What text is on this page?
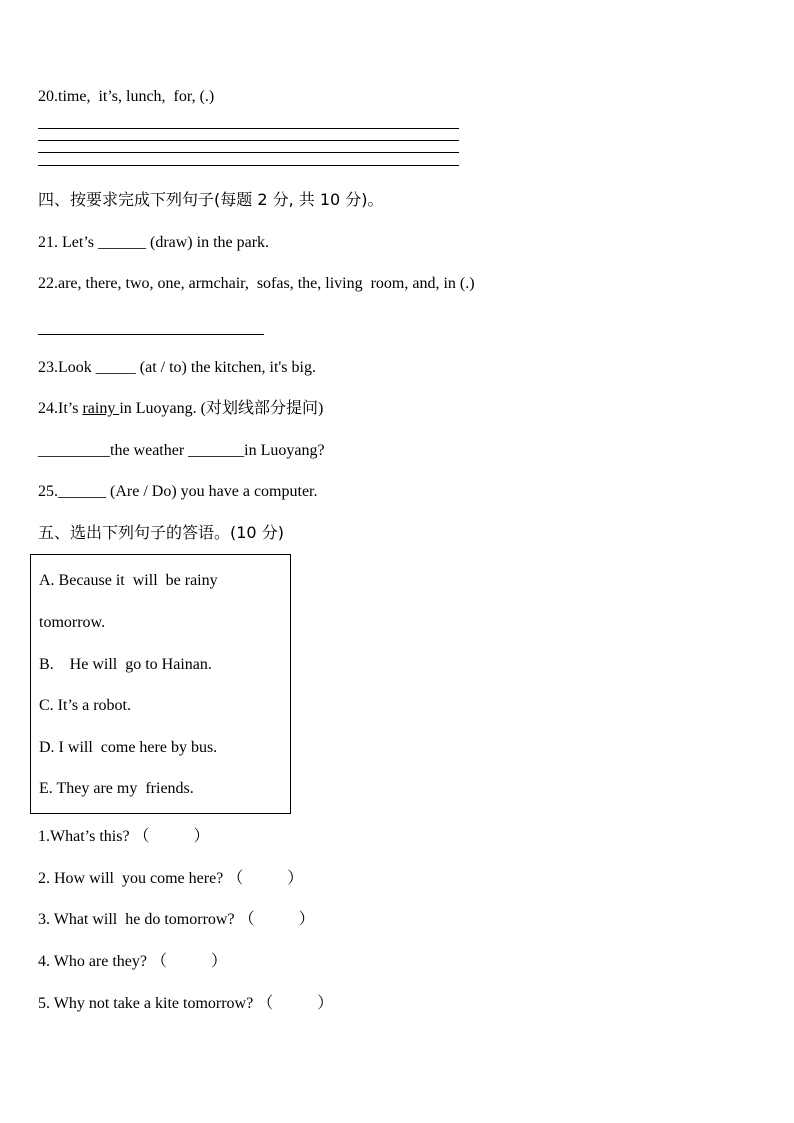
20.time,  it’s, lunch,  for, (.)
四、按要求完成下列句子(每题 2 分, 共 10 分)。
21. Let’s ______ (draw) in the park.
22.are, there, two, one, armchair,  sofas, the, living  room, and, in (.)
23.Look _____ (at / to) the kitchen, it's big.
24.It’s rainy in Luoyang. (对划线部分提问)
_________the weather _______in Luoyang?
25.______ (Are / Do) you have a computer.
五、选出下列句子的答语。(10 分)
A. Because it  will  be rainy
tomorrow.
B.    He will  go to Hainan.
C. It’s a robot.
D. I will  come here by bus.
E. They are my  friends.
1.What’s this? （           ）
2. How will  you come here? （           ）
3. What will  he do tomorrow? （           ）
4. Who are they? （           ）
5. Why not take a kite tomorrow? （           ）
